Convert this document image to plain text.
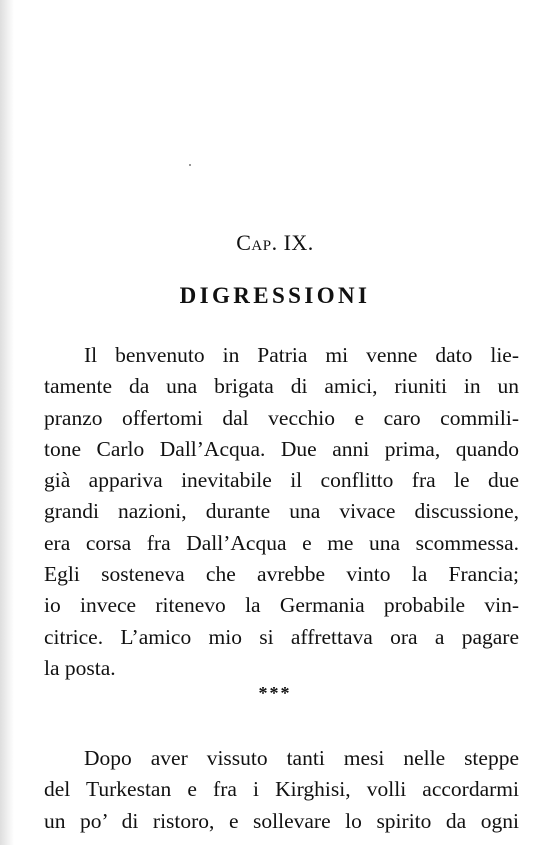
Cap. IX.
DIGRESSIONI
Il benvenuto in Patria mi venne dato lie-
tamente da una brigata di amici, riuniti in un
pranzo offertomi dal vecchio e caro commili-
tone Carlo Dall’Acqua. Due anni prima, quando
già appariva inevitabile il conflitto fra le due
grandi nazioni, durante una vivace discussione,
era corsa fra Dall’Acqua e me una scommessa.
Egli sosteneva che avrebbe vinto la Francia;
io invece ritenevo la Germania probabile vin-
citrice. L’amico mio si affrettava ora a pagare
la posta.
***
Dopo aver vissuto tanti mesi nelle steppe
del Turkestan e fra i Kirghisi, volli accordarmi
un po’ di ristoro, e sollevare lo spirito da ogni
